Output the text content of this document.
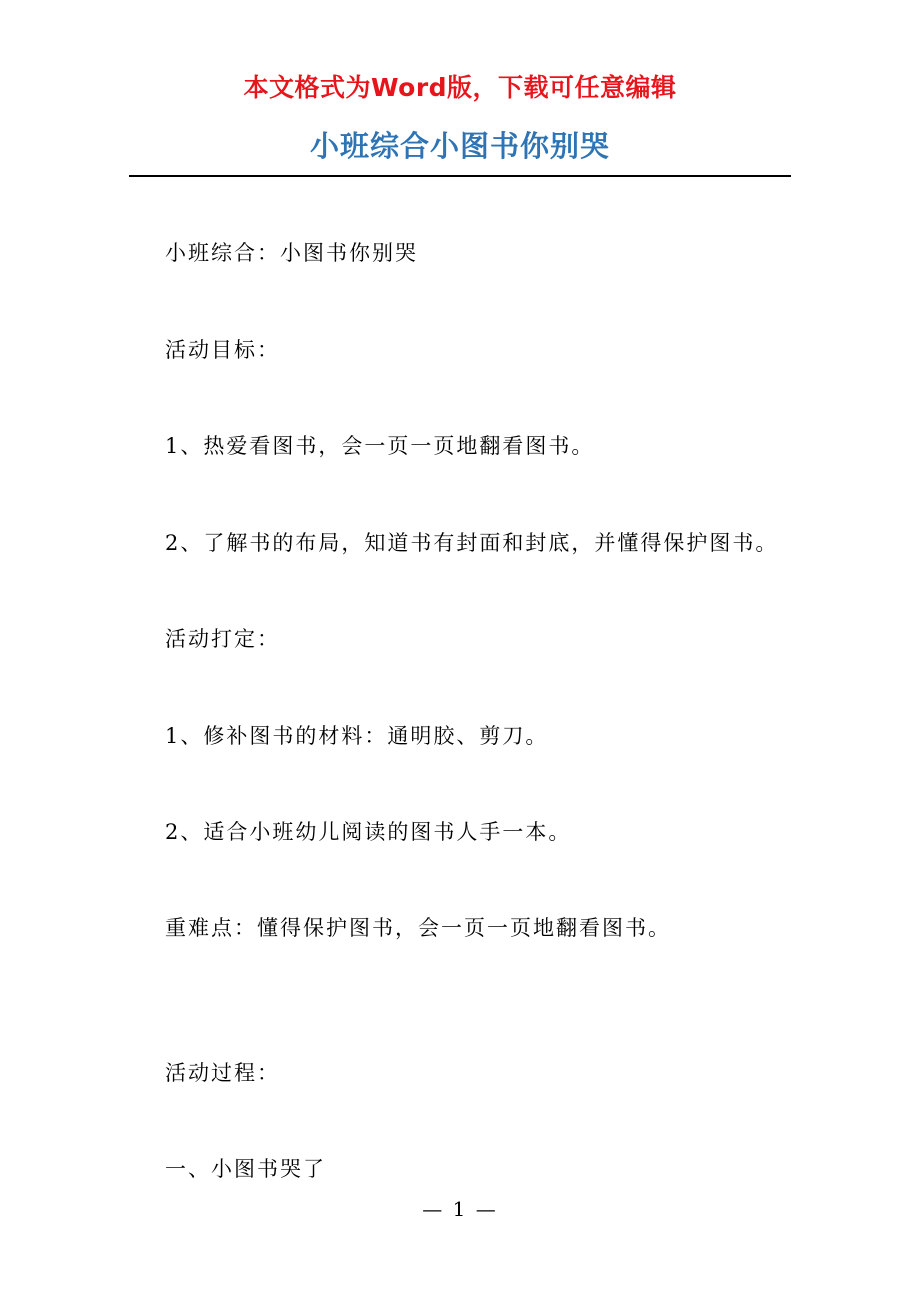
本文格式为Word版，下载可任意编辑
小班综合小图书你别哭
小班综合：小图书你别哭
活动目标：
1、热爱看图书，会一页一页地翻看图书。
2、了解书的布局，知道书有封面和封底，并懂得保护图书。
活动打定：
1、修补图书的材料：通明胶、剪刀。
2、适合小班幼儿阅读的图书人手一本。
重难点：懂得保护图书，会一页一页地翻看图书。
活动过程：
一、小图书哭了
— 1 —
